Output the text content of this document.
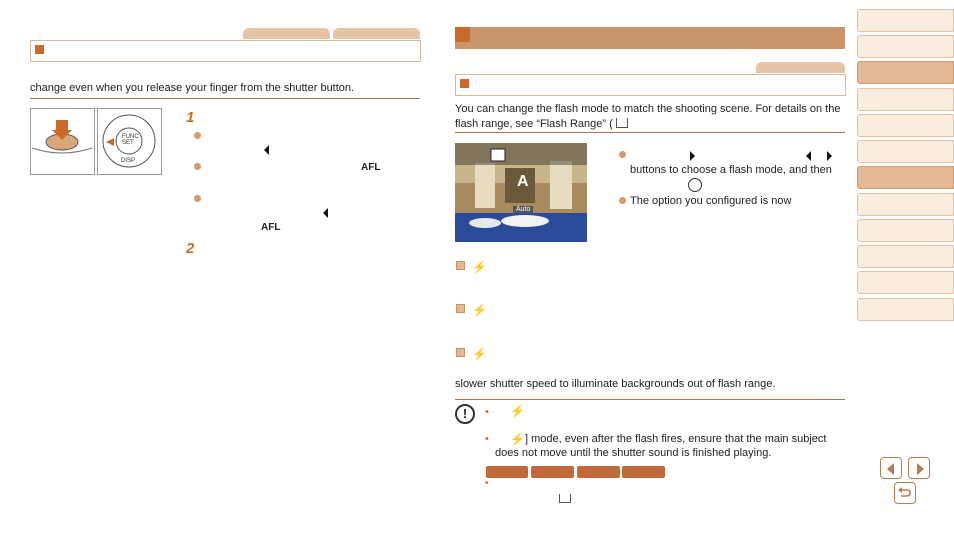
change even when you release your finger from the shutter button.
FUNC
SET
DISP
1
AFL
AFL
2
You can change the flash mode to match the shooting scene. For details on the flash range, see “Flash Range” (
A
Auto
buttons to choose a flash mode, and then
The option you configured is now
⚡
⚡
⚡
slower shutter speed to illuminate backgrounds out of flash range.
!	• ⚡
• ⚡ ] mode, even after the flash fires, ensure that the main subject
does not move until the shutter sound is finished playing.
•
